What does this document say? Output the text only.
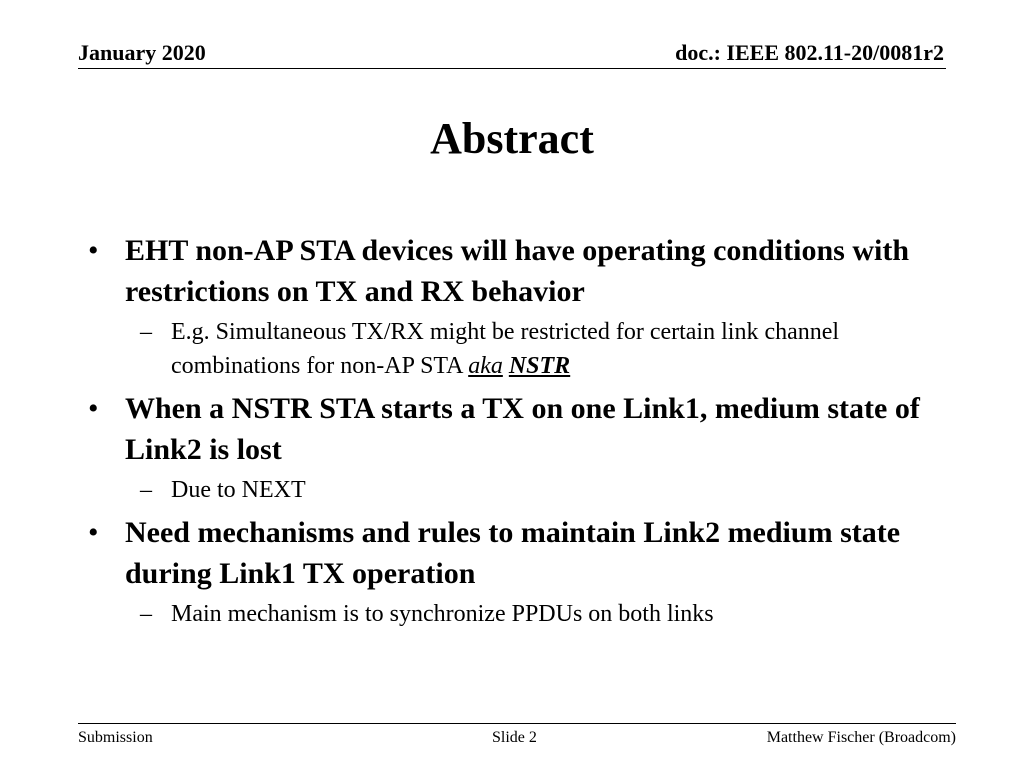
January 2020	doc.: IEEE 802.11-20/0081r2
Abstract
• EHT non-AP STA devices will have operating conditions with restrictions on TX and RX behavior
– E.g. Simultaneous TX/RX might be restricted for certain link channel combinations for non-AP STA aka NSTR
• When a NSTR STA starts a TX on one Link1, medium state of Link2 is lost
– Due to NEXT
• Need mechanisms and rules to maintain Link2 medium state during Link1 TX operation
– Main mechanism is to synchronize PPDUs on both links
Submission	Slide 2	Matthew Fischer (Broadcom)
